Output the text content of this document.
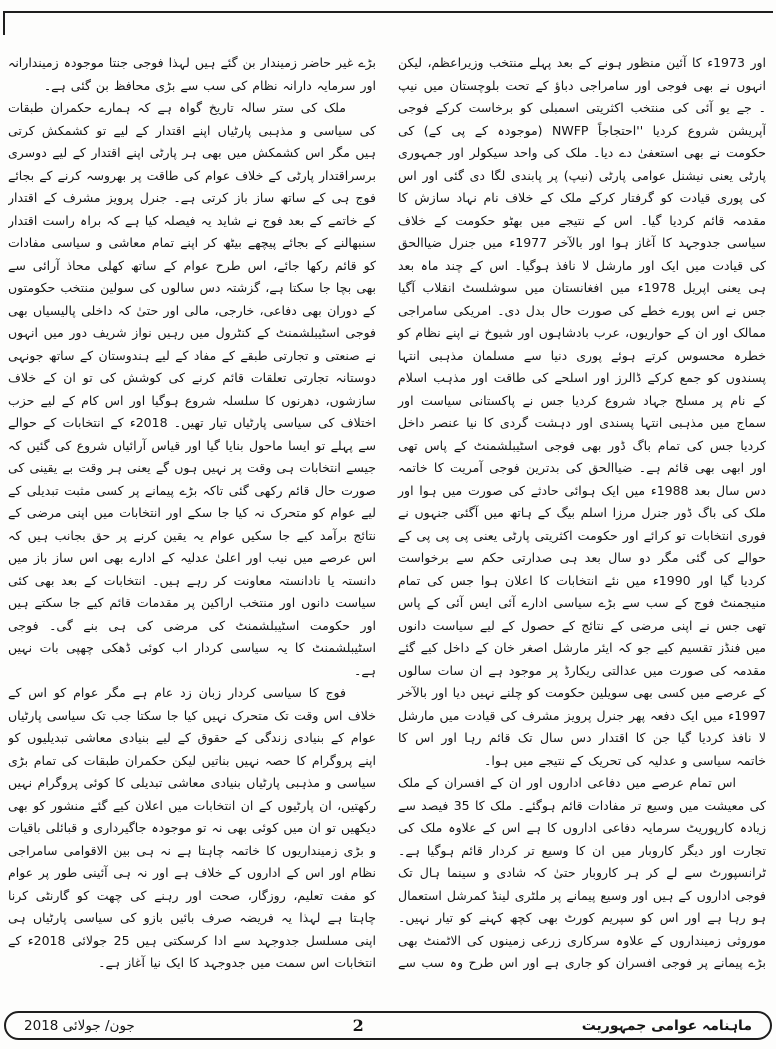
اور 1973ء کا آئین منظور ہونے کے بعد پہلے منتخب وزیراعظم، لیکن انہوں نے بھی فوجی اور سامراجی دباؤ کے تحت بلوچستان میں نیپ ۔ جے یو آئی کی منتخب اکثریتی اسمبلی کو برخاست کرکے فوجی آپریشن شروع کردیا ''احتجاجاً NWFP (موجودہ کے پی کے) کی حکومت نے بھی استعفیٰ دے دیا۔ ملک کی واحد سیکولر اور جمہوری پارٹی یعنی نیشنل عوامی پارٹی (نیپ) پر پابندی لگا دی گئی اور اس کی پوری قیادت کو گرفتار کرکے ملک کے خلاف نام نہاد سازش کا مقدمہ قائم کردیا گیا۔ اس کے نتیجے میں بھٹو حکومت کے خلاف سیاسی جدوجہد کا آغاز ہوا اور بالآخر 1977ء میں جنرل ضیاالحق کی قیادت میں ایک اور مارشل لا نافذ ہوگیا۔ اس کے چند ماہ بعد ہی یعنی اپریل 1978ء میں افغانستان میں سوشلسٹ انقلاب آگیا جس نے اس پورے خطے کی صورت حال بدل دی۔ امریکی سامراجی ممالک اور ان کے حواریوں، عرب بادشاہوں اور شیوخ نے اپنے نظام کو خطرہ محسوس کرتے ہوئے پوری دنیا سے مسلمان مذہبی انتہا پسندوں کو جمع کرکے ڈالرز اور اسلحے کی طاقت اور مذہب اسلام کے نام پر مسلح جہاد شروع کردیا جس نے پاکستانی سیاست اور سماج میں مذہبی انتہا پسندی اور دہشت گردی کا نیا عنصر داخل کردیا جس کی تمام باگ ڈور بھی فوجی اسٹیبلشمنٹ کے پاس تھی اور ابھی بھی قائم ہے۔ ضیاالحق کی بدترین فوجی آمریت کا خاتمہ دس سال بعد 1988ء میں ایک ہوائی حادثے کی صورت میں ہوا اور ملک کی باگ ڈور جنرل مرزا اسلم بیگ کے ہاتھ میں آگئی جنہوں نے فوری انتخابات تو کرائے اور حکومت اکثریتی پارٹی یعنی پی پی پی کے حوالے کی گئی مگر دو سال بعد ہی صدارتی حکم سے برخواست کردیا گیا اور 1990ء میں نئے انتخابات کا اعلان ہوا جس کی تمام منیجمنٹ فوج کے سب سے بڑے سیاسی ادارے آئی ایس آئی کے پاس تھی جس نے اپنی مرضی کے نتائج کے حصول کے لیے سیاست دانوں میں فنڈز تقسیم کیے جو کہ ایئر مارشل اصغر خان کے داخل کیے گئے مقدمہ کی صورت میں عدالتی ریکارڈ پر موجود ہے ان سات سالوں کے عرصے میں کسی بھی سویلین حکومت کو چلنے نہیں دیا اور بالآخر 1997ء میں ایک دفعہ پھر جنرل پرویز مشرف کی قیادت میں مارشل لا نافذ کردیا گیا جن کا اقتدار دس سال تک قائم رہا اور اس کا خاتمہ سیاسی و عدلیہ کی تحریک کے نتیجے میں ہوا۔

اس تمام عرصے میں دفاعی اداروں اور ان کے افسران کے ملک کی معیشت میں وسیع تر مفادات قائم ہوگئے۔ ملک کا 35 فیصد سے زیادہ کارپوریٹ سرمایہ دفاعی اداروں کا ہے اس کے علاوہ ملک کی تجارت اور دیگر کاروبار میں ان کا وسیع تر کردار قائم ہوگیا ہے۔ ٹرانسپورٹ سے لے کر ہر کاروبار حتیٰ کہ شادی و سینما ہال تک فوجی اداروں کے ہیں اور وسیع پیمانے پر ملٹری لینڈ کمرشل استعمال ہو رہا ہے اور اس کو سپریم کورٹ بھی کچھ کہنے کو تیار نہیں۔ موروثی زمینداروں کے علاوہ سرکاری زرعی زمینوں کی الاٹمنٹ بھی بڑے پیمانے پر فوجی افسران کو جاری ہے اور اس طرح وہ سب سے بڑے غیر حاضر زمیندار بن گئے ہیں لہذا فوجی جنتا موجودہ زمیندارانہ اور سرمایہ دارانہ نظام کی سب سے بڑی محافظ بن گئی ہے۔

ملک کی ستر سالہ تاریخ گواہ ہے کہ ہمارے حکمران طبقات کی سیاسی و مذہبی پارٹیاں اپنے اقتدار کے لیے تو کشمکش کرتی ہیں مگر اس کشمکش میں بھی ہر پارٹی اپنے اقتدار کے لیے دوسری برسراقتدار پارٹی کے خلاف عوام کی طاقت پر بھروسہ کرنے کے بجائے فوج ہی کے ساتھ ساز باز کرتی ہے۔ جنرل پرویز مشرف کے اقتدار کے خاتمے کے بعد فوج نے شاید یہ فیصلہ کیا ہے کہ براہ راست اقتدار سنبھالنے کے بجائے پیچھے بیٹھ کر اپنے تمام معاشی و سیاسی مفادات کو قائم رکھا جائے، اس طرح عوام کے ساتھ کھلی محاذ آرائی سے بھی بچا جا سکتا ہے، گزشتہ دس سالوں کی سولین منتخب حکومتوں کے دوران بھی دفاعی، خارجی، مالی اور حتیٰ کہ داخلی پالیسیاں بھی فوجی اسٹیبلشمنٹ کے کنٹرول میں رہیں نواز شریف دور میں انہوں نے صنعتی و تجارتی طبقے کے مفاد کے لیے ہندوستان کے ساتھ جونہی دوستانہ تجارتی تعلقات قائم کرنے کی کوشش کی تو ان کے خلاف سازشوں، دھرنوں کا سلسلہ شروع ہوگیا اور اس کام کے لیے حزب اختلاف کی سیاسی پارٹیاں تیار تھیں۔ 2018ء کے انتخابات کے حوالے سے پہلے تو ایسا ماحول بنایا گیا اور قیاس آرائیاں شروع کی گئیں کہ جیسے انتخابات ہی وقت پر نہیں ہوں گے یعنی ہر وقت بے یقینی کی صورت حال قائم رکھی گئی تاکہ بڑے پیمانے پر کسی مثبت تبدیلی کے لیے عوام کو متحرک نہ کیا جا سکے اور انتخابات میں اپنی مرضی کے نتائج برآمد کیے جا سکیں عوام یہ یقین کرنے پر حق بجانب ہیں کہ اس عرصے میں نیب اور اعلیٰ عدلیہ کے ادارے بھی اس ساز باز میں دانستہ یا نادانستہ معاونت کر رہے ہیں۔ انتخابات کے بعد بھی کئی سیاست دانوں اور منتخب اراکین پر مقدمات قائم کیے جا سکتے ہیں اور حکومت اسٹیبلشمنٹ کی مرضی کی ہی بنے گی۔ فوجی اسٹیبلشمنٹ کا یہ سیاسی کردار اب کوئی ڈھکی چھپی بات نہیں ہے۔

فوج کا سیاسی کردار زبان زد عام ہے مگر عوام کو اس کے خلاف اس وقت تک متحرک نہیں کیا جا سکتا جب تک سیاسی پارٹیاں عوام کے بنیادی زندگی کے حقوق کے لیے بنیادی معاشی تبدیلیوں کو اپنے پروگرام کا حصہ نہیں بناتیں لیکن حکمران طبقات کی تمام بڑی سیاسی و مذہبی پارٹیاں بنیادی معاشی تبدیلی کا کوئی پروگرام نہیں رکھتیں، ان پارٹیوں کے ان انتخابات میں اعلان کیے گئے منشور کو بھی دیکھیں تو ان میں کوئی بھی نہ تو موجودہ جاگیرداری و قبائلی باقیات و بڑی زمینداریوں کا خاتمہ چاہتا ہے نہ ہی بین الاقوامی سامراجی نظام اور اس کے اداروں کے خلاف ہے اور نہ ہی آئینی طور پر عوام کو مفت تعلیم، روزگار، صحت اور رہنے کی چھت کو گارنٹی کرنا چاہتا ہے لہذا یہ فریضہ صرف بائیں بازو کی سیاسی پارٹیاں ہی اپنی مسلسل جدوجہد سے ادا کرسکتی ہیں 25 جولائی 2018ء کے انتخابات اس سمت میں جدوجہد کا ایک نیا آغاز ہے۔

ماہنامہ عوامی جمہوریت
2
جون/ جولائی 2018
